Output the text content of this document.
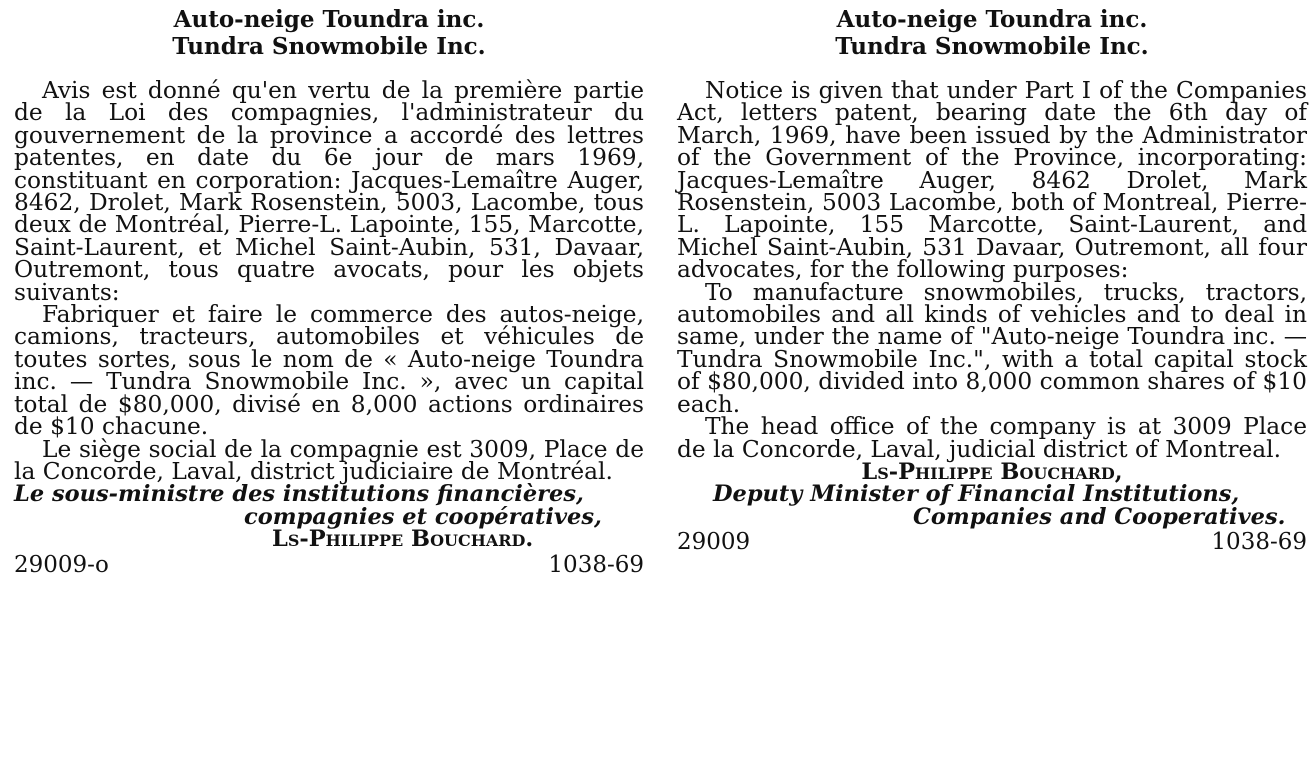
Auto-neige Toundra inc.
Tundra Snowmobile Inc.

Avis est donné qu'en vertu de la première partie de la Loi des compagnies, l'administrateur du gouvernement de la province a accordé des lettres patentes, en date du 6e jour de mars 1969, constituant en corporation: Jacques-Lemaître Auger, 8462, Drolet, Mark Rosenstein, 5003, Lacombe, tous deux de Montréal, Pierre-L. Lapointe, 155, Marcotte, Saint-Laurent, et Michel Saint-Aubin, 531, Davaar, Outremont, tous quatre avocats, pour les objets suivants:

Fabriquer et faire le commerce des autos-neige, camions, tracteurs, automobiles et véhicules de toutes sortes, sous le nom de « Auto-neige Toundra inc. — Tundra Snowmobile Inc. », avec un capital total de $80,000, divisé en 8,000 actions ordinaires de $10 chacune.

Le siège social de la compagnie est 3009, Place de la Concorde, Laval, district judiciaire de Montréal.

Le sous-ministre des institutions financières,
compagnies et coopératives,
Ls-Philippe Bouchard.
29009-o	1038-69
Auto-neige Toundra inc.
Tundra Snowmobile Inc.

Notice is given that under Part I of the Companies Act, letters patent, bearing date the 6th day of March, 1969, have been issued by the Administrator of the Government of the Province, incorporating: Jacques-Lemaître Auger, 8462 Drolet, Mark Rosenstein, 5003 Lacombe, both of Montreal, Pierre-L. Lapointe, 155 Marcotte, Saint-Laurent, and Michel Saint-Aubin, 531 Davaar, Outremont, all four advocates, for the following purposes:

To manufacture snowmobiles, trucks, tractors, automobiles and all kinds of vehicles and to deal in same, under the name of "Auto-neige Toundra inc. — Tundra Snowmobile Inc.", with a total capital stock of $80,000, divided into 8,000 common shares of $10 each.

The head office of the company is at 3009 Place de la Concorde, Laval, judicial district of Montreal.

Ls-Philippe Bouchard,
Deputy Minister of Financial Institutions,
Companies and Cooperatives.
29009	1038-69
